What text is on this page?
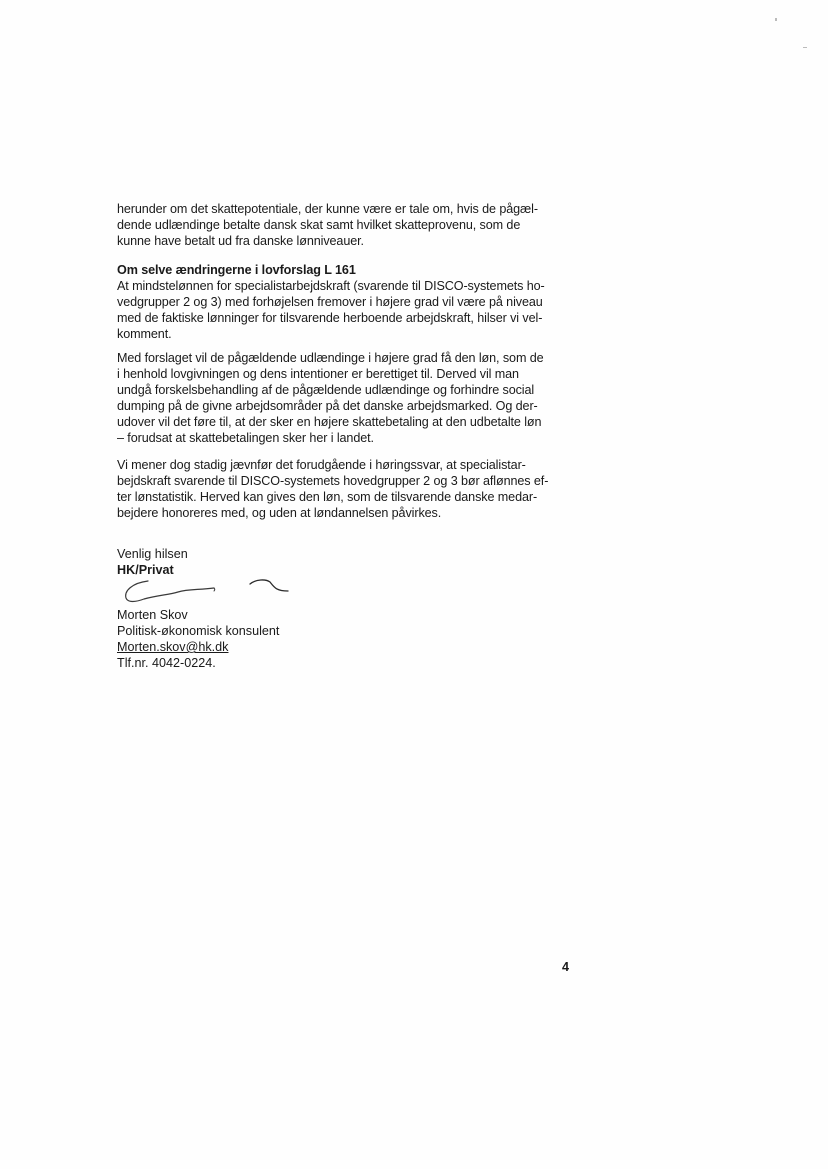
herunder om det skattepotentiale, der kunne være er tale om, hvis de pågæl-
dende udlændinge betalte dansk skat samt hvilket skatteprovenu, som de
kunne have betalt ud fra danske lønniveauer.
Om selve ændringerne i lovforslag L 161
At mindstelønnen for specialistarbejdskraft (svarende til DISCO-systemets ho-
vedgrupper 2 og 3) med forhøjelsen fremover i højere grad vil være på niveau
med de faktiske lønninger for tilsvarende herboende arbejdskraft, hilser vi vel-
komment.
Med forslaget vil de pågældende udlændinge i højere grad få den løn, som de
i henhold lovgivningen og dens intentioner er berettiget til. Derved vil man
undgå forskelsbehandling af de pågældende udlændinge og forhindre social
dumping på de givne arbejdsområder på det danske arbejdsmarked. Og der-
udover vil det føre til, at der sker en højere skattebetaling at den udbetalte løn
– forudsat at skattebetalingen sker her i landet.
Vi mener dog stadig jævnfør det forudgående i høringssvar, at specialistar-
bejdskraft svarende til DISCO-systemets hovedgrupper 2 og 3 bør aflønnes ef-
ter lønstatistik. Herved kan gives den løn, som de tilsvarende danske medar-
bejdere honoreres med, og uden at løndannelsen påvirkes.
Venlig hilsen
HK/Privat
Morten Skov
Politisk-økonomisk konsulent
Morten.skov@hk.dk
Tlf.nr. 4042-0224.
4
